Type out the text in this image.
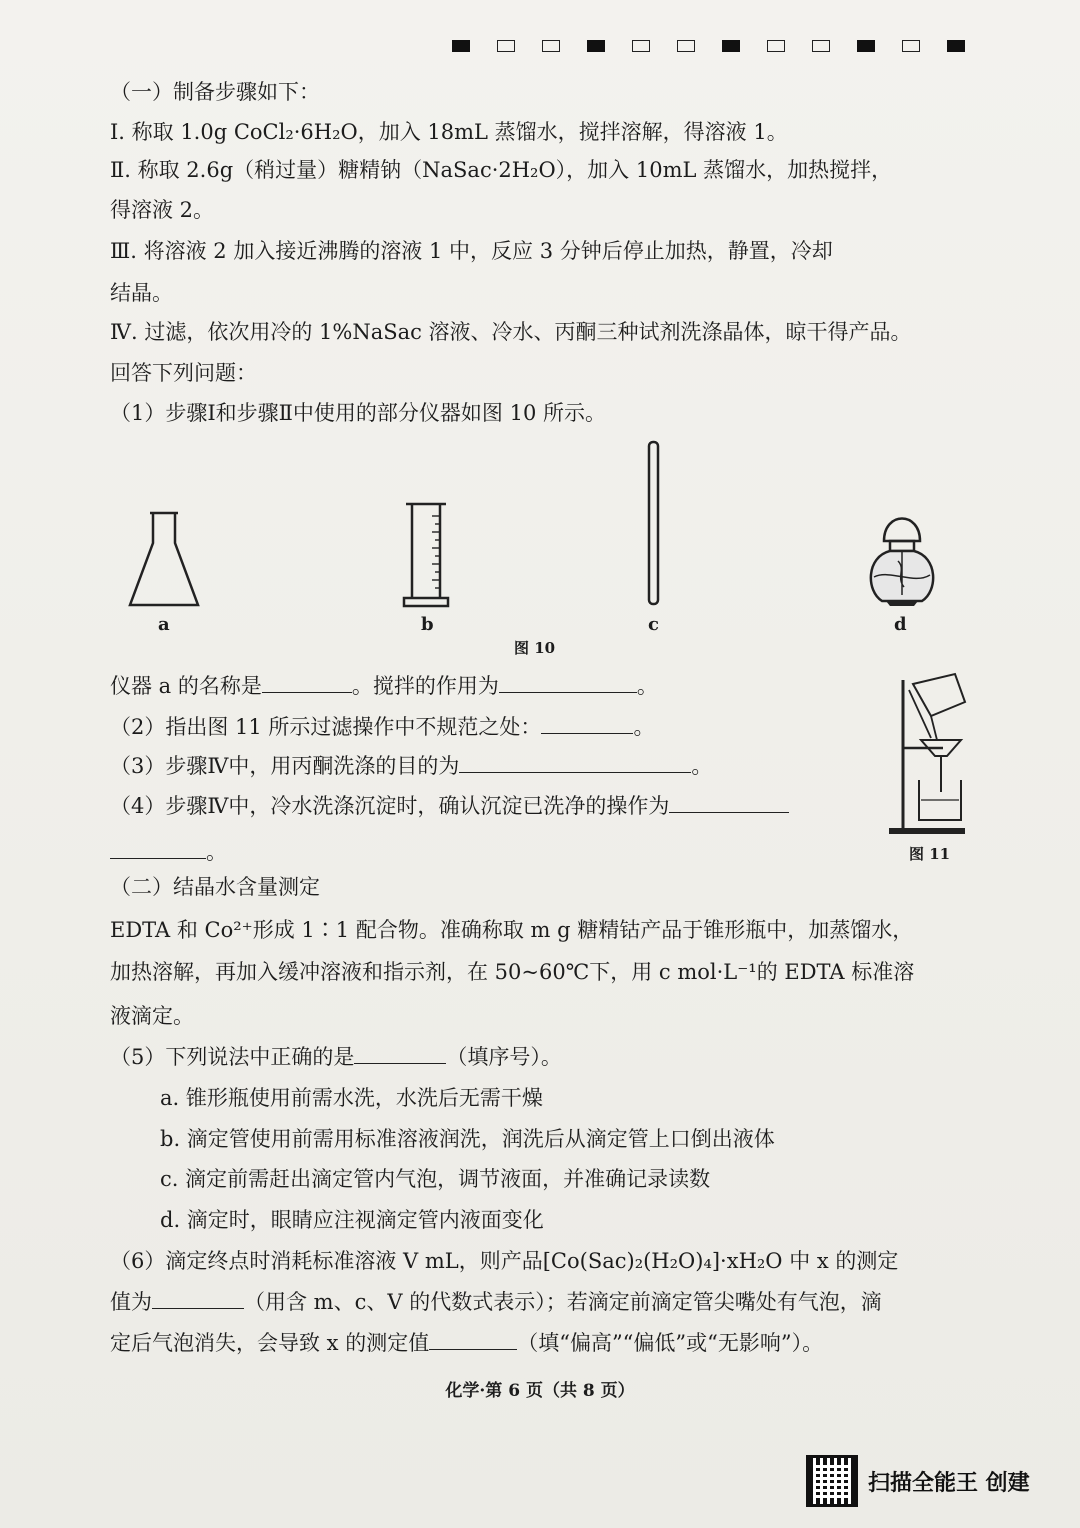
（一）制备步骤如下：
Ⅰ. 称取 1.0g CoCl₂·6H₂O，加入 18mL 蒸馏水，搅拌溶解，得溶液 1。
Ⅱ. 称取 2.6g（稍过量）糖精钠（NaSac·2H₂O），加入 10mL 蒸馏水，加热搅拌，
得溶液 2。
Ⅲ. 将溶液 2 加入接近沸腾的溶液 1 中，反应 3 分钟后停止加热，静置，冷却
结晶。
Ⅳ. 过滤，依次用冷的 1%NaSac 溶液、冷水、丙酮三种试剂洗涤晶体，晾干得产品。
回答下列问题：
（1）步骤Ⅰ和步骤Ⅱ中使用的部分仪器如图 10 所示。
a	b	c	d
图 10
图 11
仪器 a 的名称是	。搅拌的作用为	。
（2）指出图 11 所示过滤操作中不规范之处：	。
（3）步骤Ⅳ中，用丙酮洗涤的目的为	。
（4）步骤Ⅳ中，冷水洗涤沉淀时，确认沉淀已洗净的操作为
。
（二）结晶水含量测定
EDTA 和 Co²⁺形成 1∶1 配合物。准确称取 m g 糖精钴产品于锥形瓶中，加蒸馏水，
加热溶解，再加入缓冲溶液和指示剂，在 50~60℃下，用 c mol·L⁻¹的 EDTA 标准溶
液滴定。
（5）下列说法中正确的是	（填序号）。
a. 锥形瓶使用前需水洗，水洗后无需干燥
b. 滴定管使用前需用标准溶液润洗，润洗后从滴定管上口倒出液体
c. 滴定前需赶出滴定管内气泡，调节液面，并准确记录读数
d. 滴定时，眼睛应注视滴定管内液面变化
（6）滴定终点时消耗标准溶液 V mL，则产品[Co(Sac)₂(H₂O)₄]·xH₂O 中 x 的测定
值为	（用含 m、c、V 的代数式表示）；若滴定前滴定管尖嘴处有气泡，滴
定后气泡消失，会导致 x 的测定值	（填“偏高”“偏低”或“无影响”）。
化学·第 6 页（共 8 页）
扫描全能王 创建
